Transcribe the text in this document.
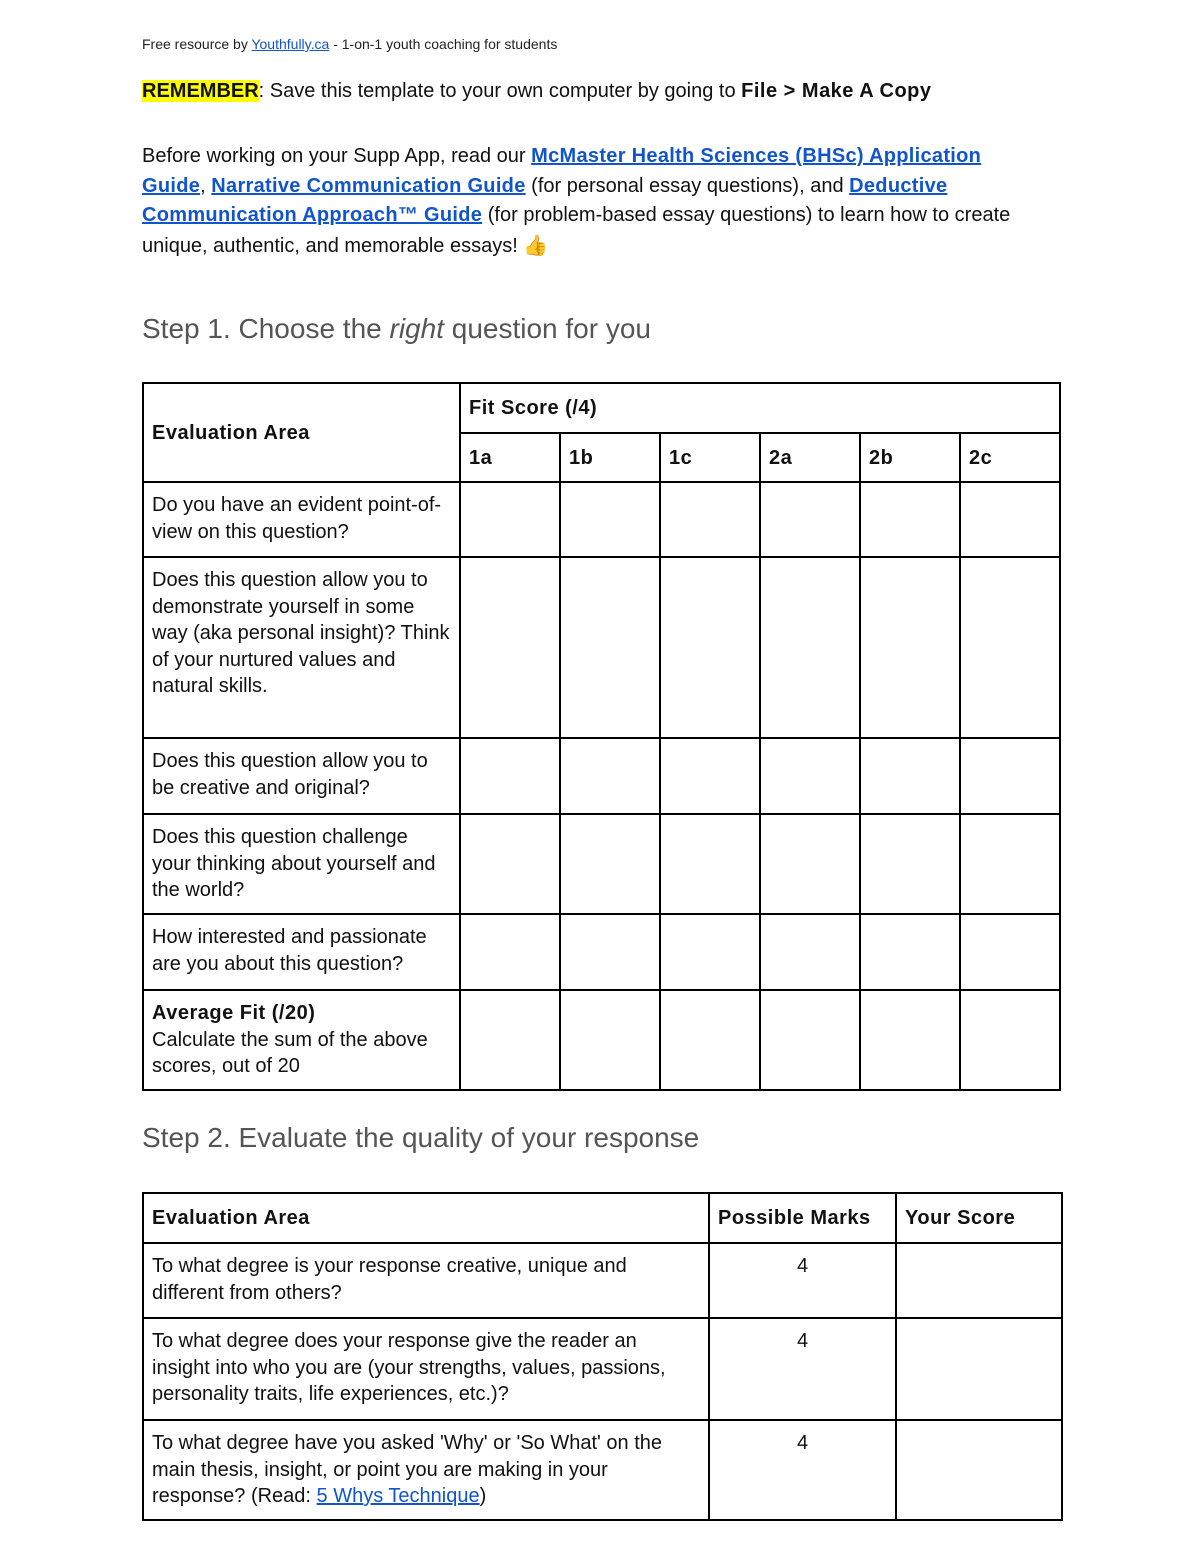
Free resource by Youthfully.ca - 1-on-1 youth coaching for students
REMEMBER: Save this template to your own computer by going to File > Make A Copy
Before working on your Supp App, read our McMaster Health Sciences (BHSc) Application Guide, Narrative Communication Guide (for personal essay questions), and Deductive Communication Approach™ Guide (for problem-based essay questions) to learn how to create unique, authentic, and memorable essays! 👍
Step 1. Choose the right question for you
Evaluation Area	Fit Score (/4)					
	1a	1b	1c	2a	2b	2c
Do you have an evident point-of-view on this question?						
Does this question allow you to demonstrate yourself in some way (aka personal insight)? Think of your nurtured values and natural skills.						
Does this question allow you to be creative and original?						
Does this question challenge your thinking about yourself and the world?						
How interested and passionate are you about this question?						
Average Fit (/20)
Calculate the sum of the above scores, out of 20						
Step 2. Evaluate the quality of your response
Evaluation Area	Possible Marks	Your Score
To what degree is your response creative, unique and different from others?	4	
To what degree does your response give the reader an insight into who you are (your strengths, values, passions, personality traits, life experiences, etc.)?	4	
To what degree have you asked 'Why' or 'So What' on the main thesis, insight, or point you are making in your response? (Read: 5 Whys Technique)	4	
